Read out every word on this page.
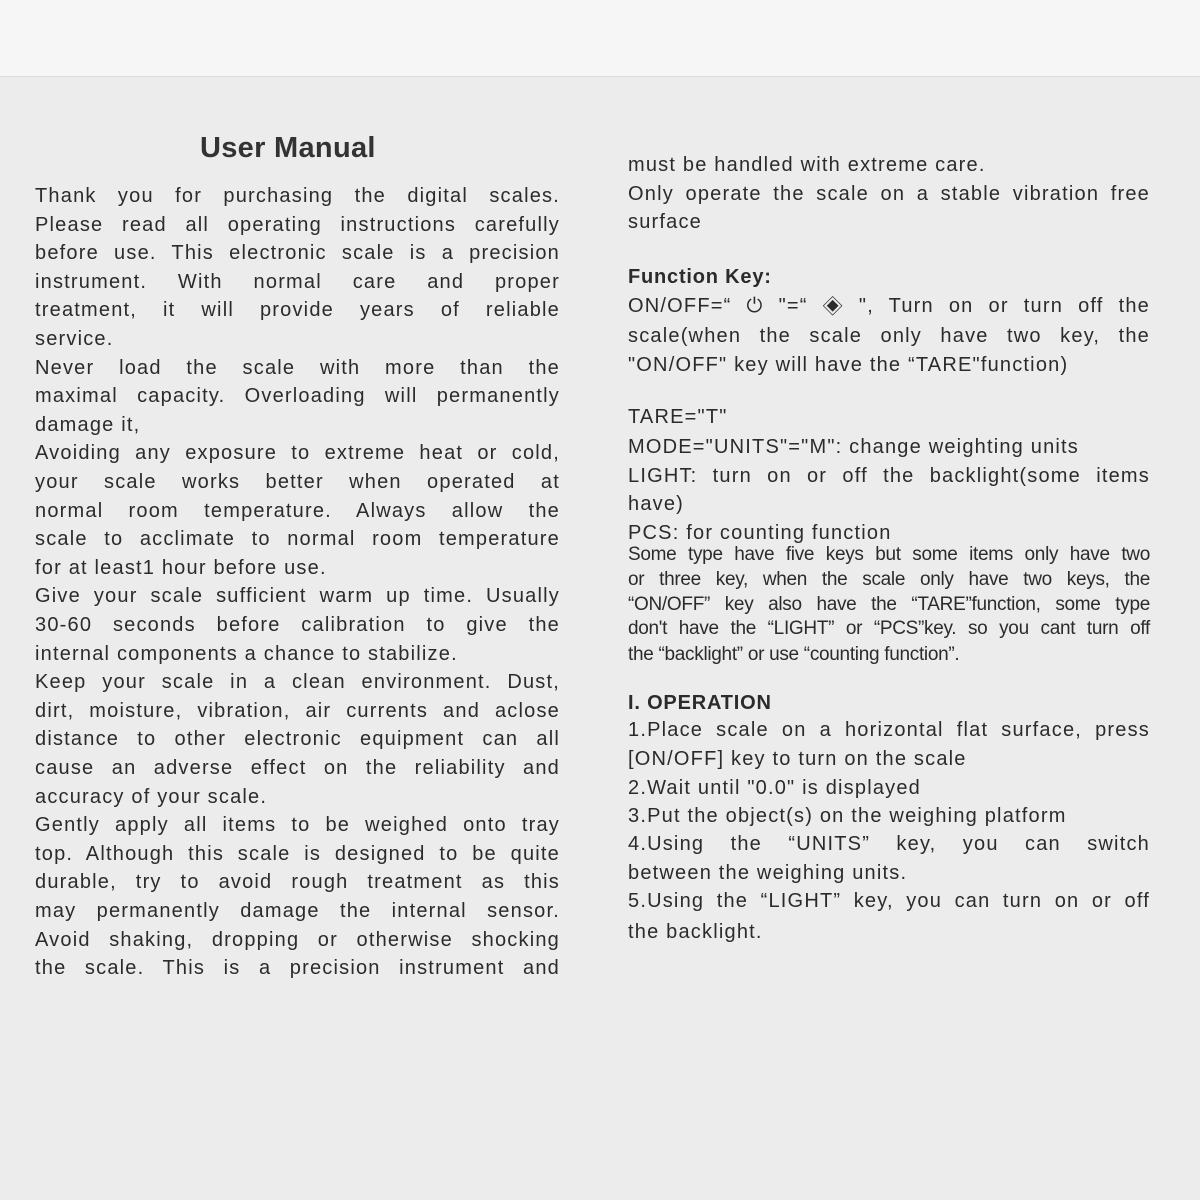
User Manual
Thank you for purchasing the digital scales.
Please read all operating instructions carefully
before use. This electronic scale is a precision
instrument. With normal care and proper
treatment, it will provide years of reliable
service.
Never load the scale with more than the
maximal capacity. Overloading will permanently
damage it,
Avoiding any exposure to extreme heat or cold,
your scale works better when operated at
normal room temperature. Always allow the
scale to acclimate to normal room temperature
for at least1 hour before use.
Give your scale sufficient warm up time. Usually
30-60 seconds before calibration to give the
internal components a chance to stabilize.
Keep your scale in a clean environment. Dust,
dirt, moisture, vibration, air currents and aclose
distance to other electronic equipment can all
cause an adverse effect on the reliability and
accuracy of your scale.
Gently apply all items to be weighed onto tray
top. Although this scale is designed to be quite
durable, try to avoid rough treatment as this
may permanently damage the internal sensor.
Avoid shaking, dropping or otherwise shocking
the scale. This is a precision instrument and
must be handled with extreme care.
Only operate the scale on a stable vibration free
surface
Function Key:
ON/OFF=“ ⏻ "=“ ◈ ", Turn on or turn off the
scale(when the scale only have two key, the
"ON/OFF" key will have the “TARE"function)
TARE="T"
MODE="UNITS"="M": change weighting units
LIGHT: turn on or off the backlight(some items
have)
PCS: for counting function
Some type have five keys but some items only have two
or three key, when the scale only have two keys, the
“ON/OFF” key also have the “TARE”function, some type
don't have the “LIGHT” or “PCS”key. so you cant turn off
the “backlight” or use “counting function”.
I. OPERATION
1.Place scale on a horizontal flat surface, press
[ON/OFF] key to turn on the scale
2.Wait until "0.0" is displayed
3.Put the object(s) on the weighing platform
4.Using the “UNITS” key, you can switch
between the weighing units.
5.Using the “LIGHT” key, you can turn on or off
the backlight.
